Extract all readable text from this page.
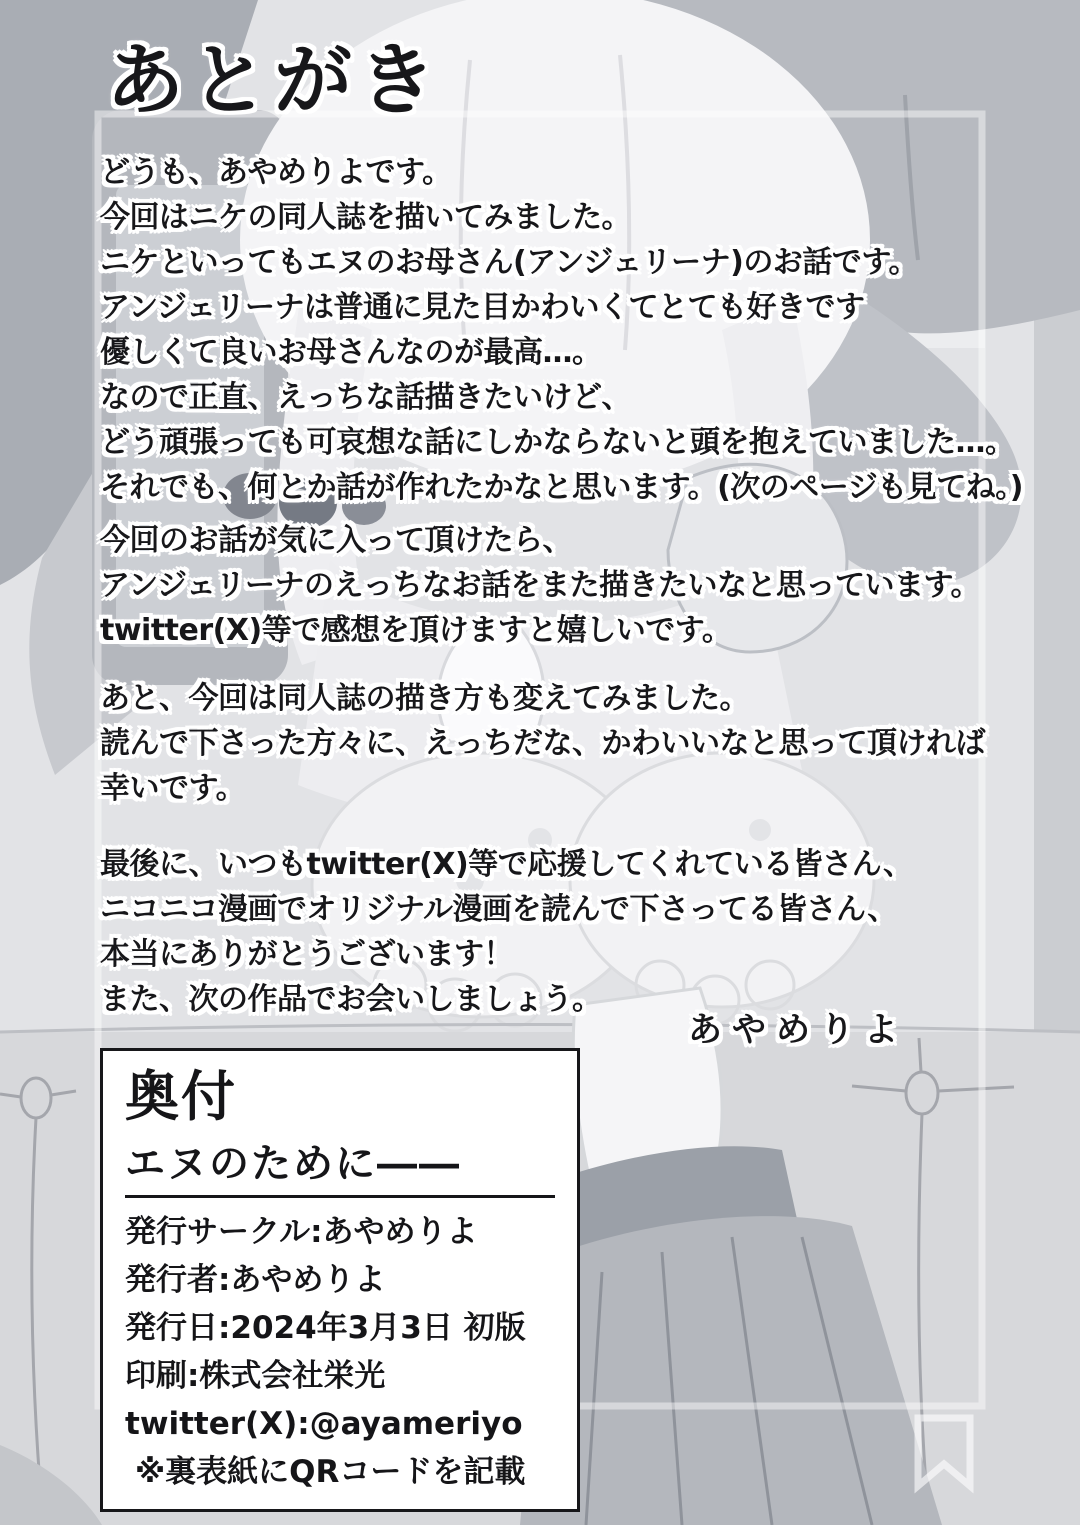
あとがき
どうも、あやめりよです。
今回はニケの同人誌を描いてみました。
ニケといってもエヌのお母さん(アンジェリーナ)のお話です。
アンジェリーナは普通に見た目かわいくてとても好きです
優しくて良いお母さんなのが最高…。
なので正直、えっちな話描きたいけど、
どう頑張っても可哀想な話にしかならないと頭を抱えていました…。
それでも、何とか話が作れたかなと思います。(次のページも見てね。)
今回のお話が気に入って頂けたら、
アンジェリーナのえっちなお話をまた描きたいなと思っています。
twitter(X)等で感想を頂けますと嬉しいです。
あと、今回は同人誌の描き方も変えてみました。
読んで下さった方々に、えっちだな、かわいいなと思って頂ければ
幸いです。
最後に、いつもtwitter(X)等で応援してくれている皆さん、
ニコニコ漫画でオリジナル漫画を読んで下さってる皆さん、
本当にありがとうございます！
また、次の作品でお会いしましょう。
あやめりよ
奥付
エヌのために――
発行サークル:あやめりよ
発行者:あやめりよ
発行日:2024年3月3日 初版
印刷:株式会社栄光
twitter(X):@ayameriyo
※裏表紙にQRコードを記載
